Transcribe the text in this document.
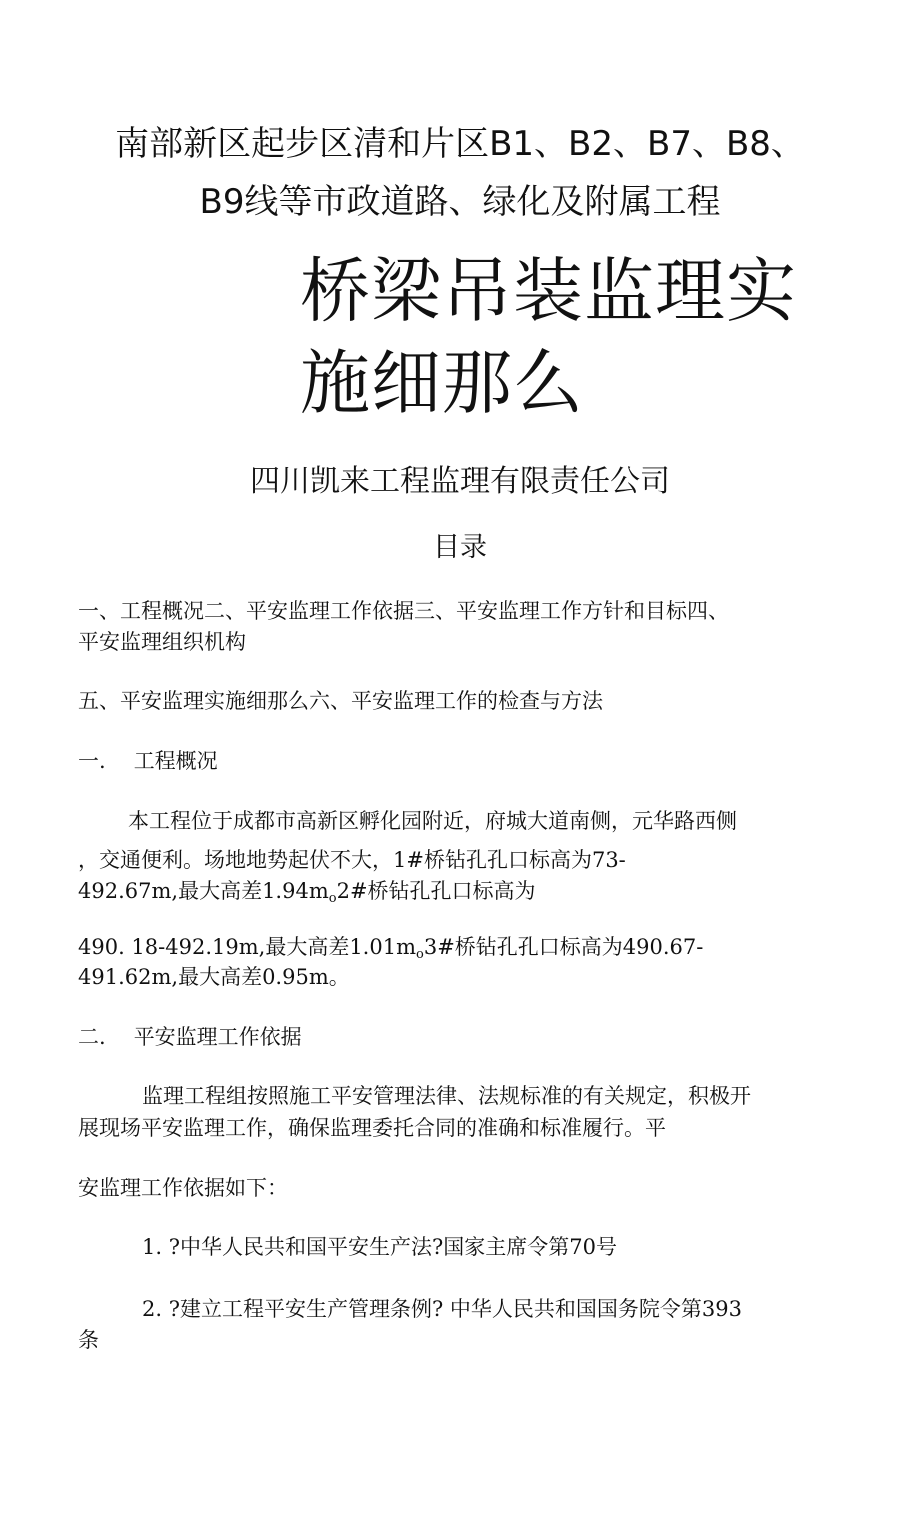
南部新区起步区清和片区B1、B2、B7、B8、
B9线等市政道路、绿化及附属工程
桥梁吊装监理实
施细那么
四川凯来工程监理有限责任公司
目录
一、工程概况二、平安监理工作依据三、平安监理工作方针和目标四、
平安监理组织机构
五、平安监理实施细那么六、平安监理工作的检查与方法
一. 工程概况
本工程位于成都市高新区孵化园附近，府城大道南侧，元华路西侧
，交通便利。场地地势起伏不大，1#桥钻孔孔口标高为73-
492.67m,最大高差$1.94m_o2\#$桥钻孔孔口标高为
490. 18-492.19m,最大高差$1.01m_o3\#$桥钻孔孔口标高为490.67-
491.62m,最大高差0.95m。
二. 平安监理工作依据
监理工程组按照施工平安管理法律、法规标准的有关规定，积极开
展现场平安监理工作，确保监理委托合同的准确和标准履行。平
安监理工作依据如下：
1. ?中华人民共和国平安生产法?国家主席令第70号
2. ?建立工程平安生产管理条例? 中华人民共和国国务院令第393
条
